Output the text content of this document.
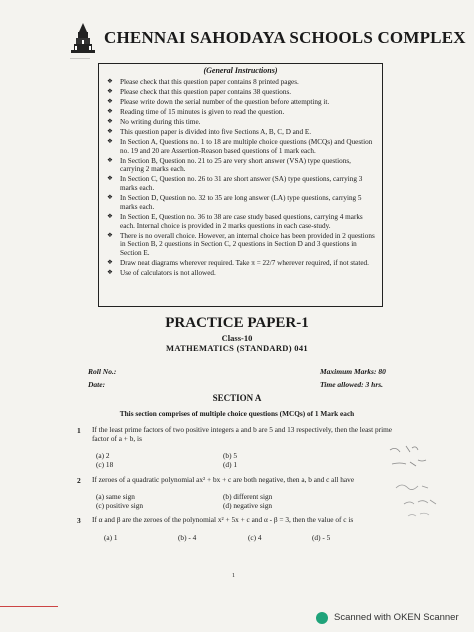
—————
CHENNAI SAHODAYA SCHOOLS COMPLEX
(General Instructions)
❖ Please check that this question paper contains 8 printed pages.
❖ Please check that this question paper contains 38 questions.
❖ Please write down the serial number of the question before attempting it.
❖ Reading time of 15 minutes is given to read the question.
❖ No writing during this time.
❖ This question paper is divided into five Sections A, B, C, D and E.
❖ In Section A, Questions no. 1 to 18 are multiple choice questions (MCQs) and Question no. 19 and 20 are Assertion-Reason based questions of 1 mark each.
❖ In Section B, Question no. 21 to 25 are very short answer (VSA) type questions, carrying 2 marks each.
❖ In Section C, Question no. 26 to 31 are short answer (SA) type questions, carrying 3 marks each.
❖ In Section D, Question no. 32 to 35 are long answer (LA) type questions, carrying 5 marks each.
❖ In Section E, Question no. 36 to 38 are case study based questions, carrying 4 marks each. Internal choice is provided in 2 marks questions in each case-study.
❖ There is no overall choice. However, an internal choice has been provided in 2 questions in Section B, 2 questions in Section C, 2 questions in Section D and 3 questions in Section E.
❖ Draw neat diagrams wherever required. Take π = 22/7 wherever required, if not stated.
❖ Use of calculators is not allowed.
PRACTICE PAPER-1
Class-10
MATHEMATICS (STANDARD) 041
Roll No.:
Date:
Maximum Marks: 80
Time allowed: 3 hrs.
SECTION A
This section comprises of multiple choice questions (MCQs) of 1 Mark each
1 If the least prime factors of two positive integers a and b are 5 and 13 respectively, then the least prime factor of a + b, is
(a) 2	(b) 5
(c) 18	(d) 1
2 If zeroes of a quadratic polynomial ax² + bx + c are both negative, then a, b and c all have
(a) same sign	(b) different sign
(c) positive sign	(d) negative sign
3 If α and β are the zeroes of the polynomial x² + 5x + c and α - β = 3, then the value of c is
(a) 1	(b) - 4	(c) 4	(d) - 5
1
Scanned with OKEN Scanner
